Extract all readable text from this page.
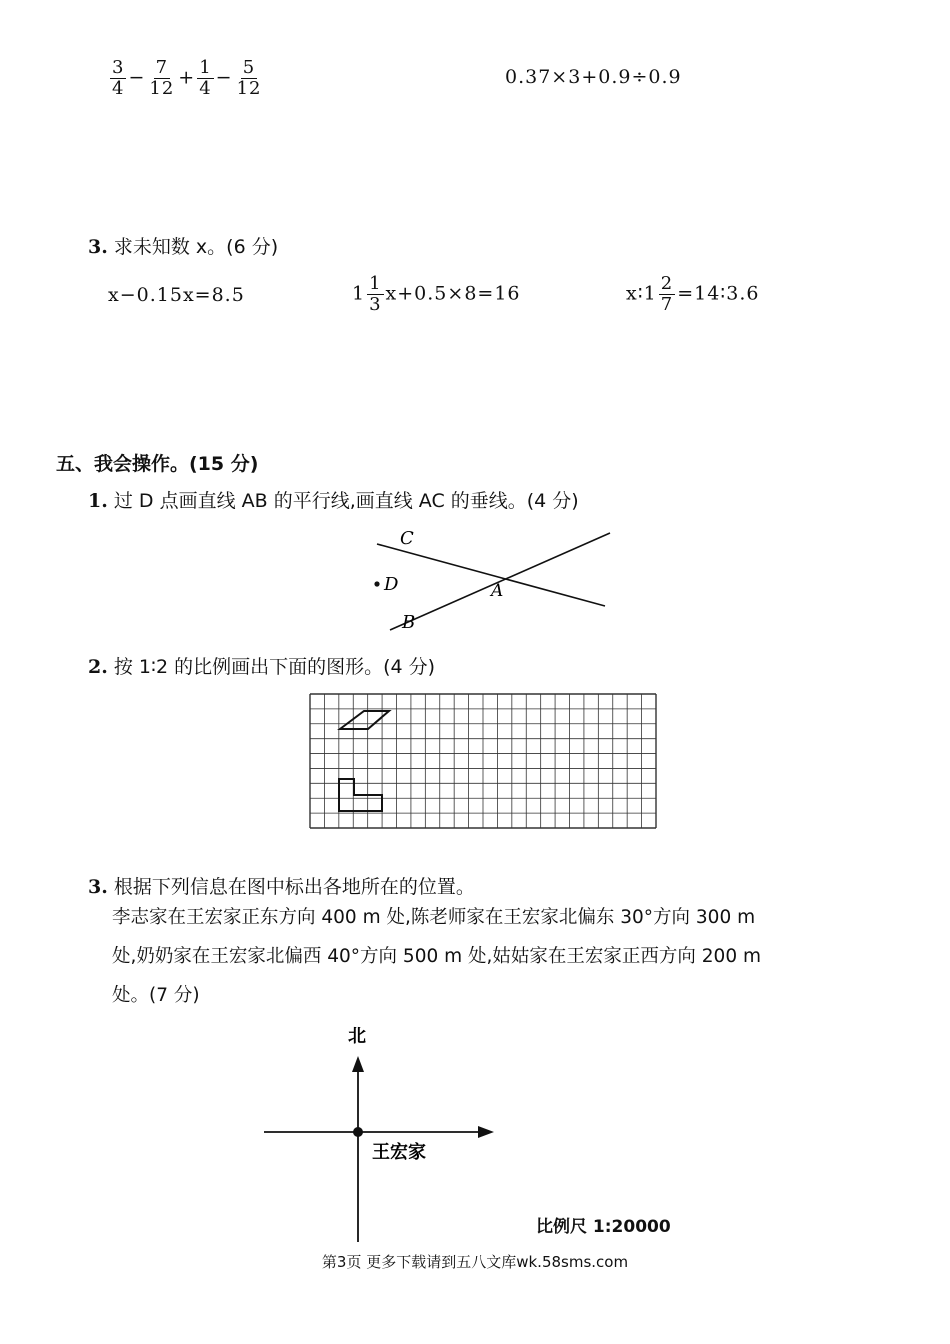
$\frac{3}{4} - \frac{7}{12} + \frac{1}{4} - \frac{5}{12}$	0.37×3+0.9÷0.9
3. 求未知数 x。(6 分)
x−0.15x=8.5	$1 \frac{1}{3} x+0.5\times 8=16$	x∶1 $\frac{2}{7}$ =14∶3.6
五、我会操作。(15 分)
1. 过 D 点画直线 AB 的平行线,画直线 AC 的垂线。(4 分)
C
D	A
B
2. 按 1∶2 的比例画出下面的图形。(4 分)
3. 根据下列信息在图中标出各地所在的位置。
李志家在王宏家正东方向 400 m 处,陈老师家在王宏家北偏东 30°方向 300 m
处,奶奶家在王宏家北偏西 40°方向 500 m 处,姑姑家在王宏家正西方向 200 m
处。(7 分)
北
王宏家
比例尺 1:20000
第3页 更多下载请到五八文库wk.58sms.com
